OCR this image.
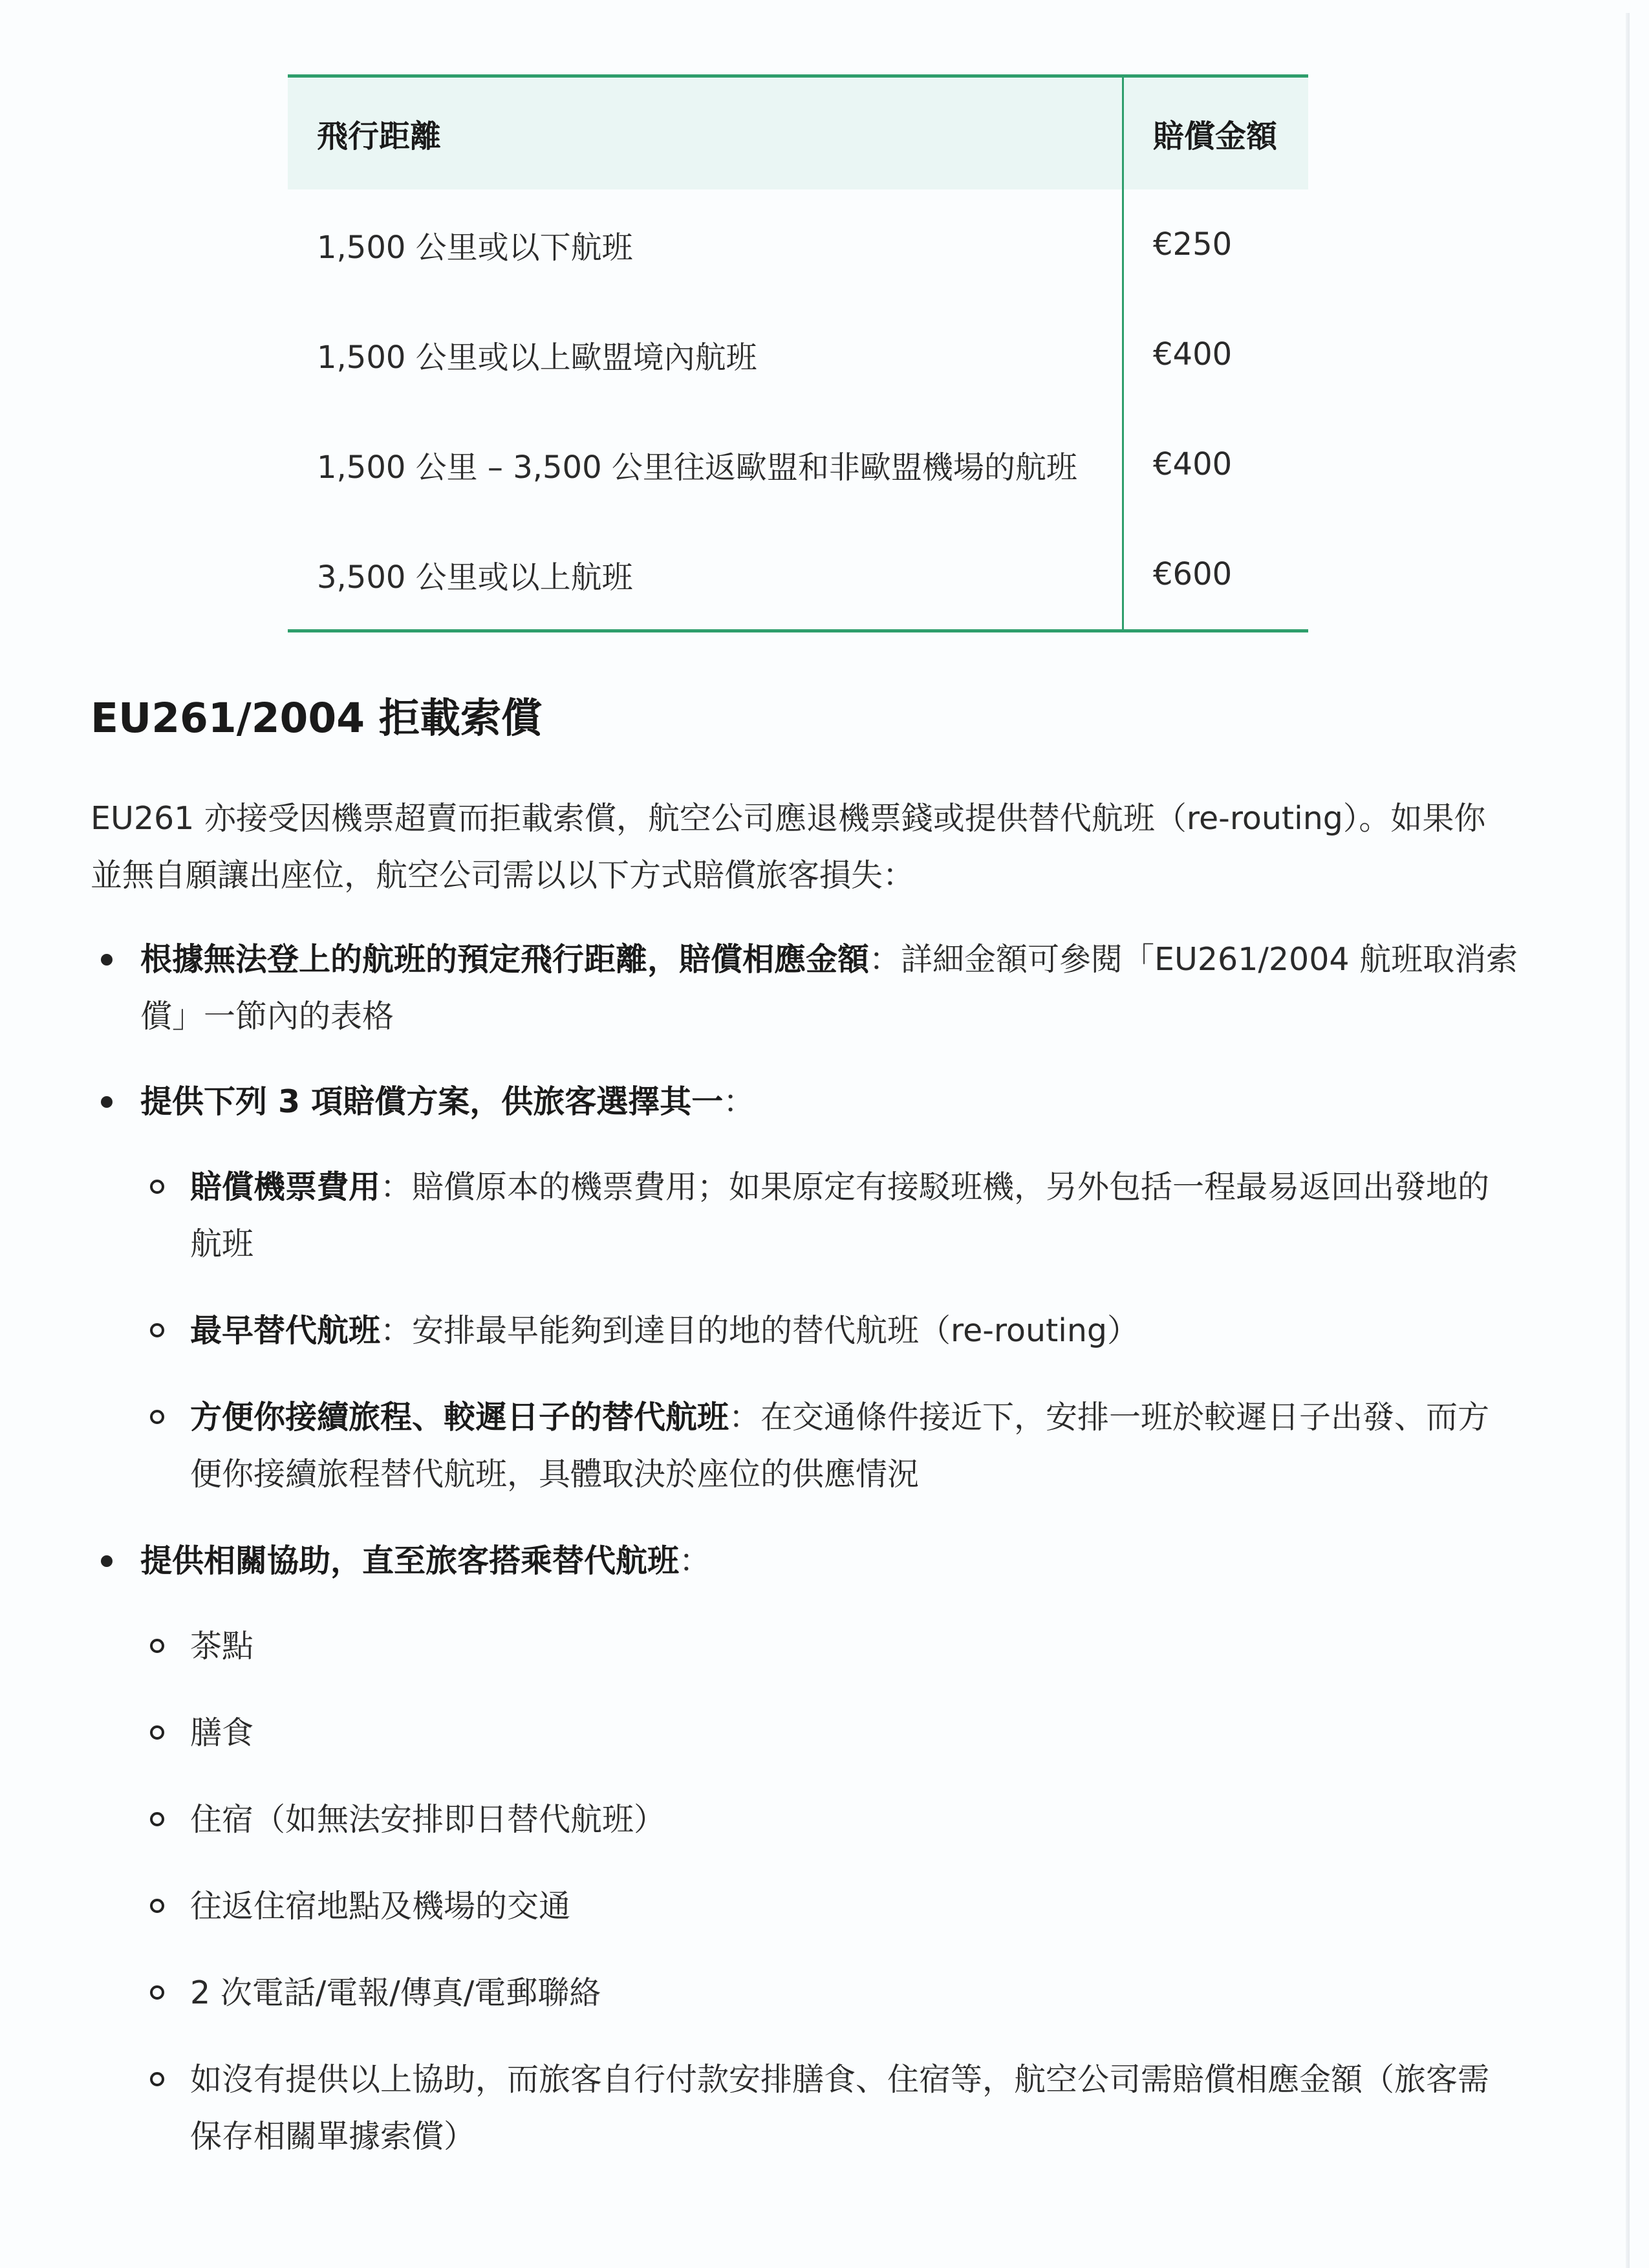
飛行距離	賠償金額
1,500 公里或以下航班	€250
1,500 公里或以上歐盟境內航班	€400
1,500 公里 – 3,500 公里往返歐盟和非歐盟機場的航班	€400
3,500 公里或以上航班	€600
EU261/2004 拒載索償

EU261 亦接受因機票超賣而拒載索償，航空公司應退機票錢或提供替代航班（re-routing）。如果你並無自願讓出座位，航空公司需以以下方式賠償旅客損失：

根據無法登上的航班的預定飛行距離，賠償相應金額：詳細金額可參閱「EU261/2004 航班取消索償」一節內的表格
提供下列 3 項賠償方案，供旅客選擇其一：
賠償機票費用：賠償原本的機票費用；如果原定有接駁班機，另外包括一程最易返回出發地的航班
最早替代航班：安排最早能夠到達目的地的替代航班（re-routing）
方便你接續旅程、較遲日子的替代航班：在交通條件接近下，安排一班於較遲日子出發、而方便你接續旅程替代航班，具體取決於座位的供應情況
提供相關協助，直至旅客搭乘替代航班：
茶點
膳食
住宿（如無法安排即日替代航班）
往返住宿地點及機場的交通
2 次電話/電報/傳真/電郵聯絡
如沒有提供以上協助，而旅客自行付款安排膳食、住宿等，航空公司需賠償相應金額（旅客需保存相關單據索償）
